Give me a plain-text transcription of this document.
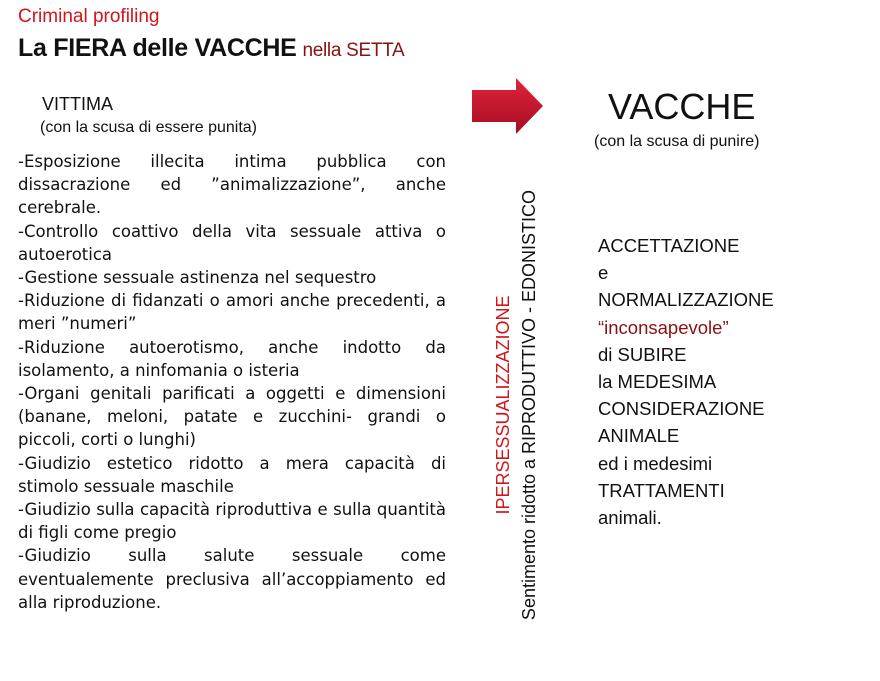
Criminal profiling
La FIERA delle VACCHE nella SETTA
VITTIMA
(con la scusa di essere punita)
-Esposizione illecita intima pubblica con dissacrazione ed ”animalizzazione”, anche cerebrale.
-Controllo coattivo della vita sessuale attiva o autoerotica
-Gestione sessuale astinenza nel sequestro
-Riduzione di fidanzati o amori anche precedenti, a meri ”numeri”
-Riduzione autoerotismo, anche indotto da isolamento, a ninfomania o isteria
-Organi genitali parificati a oggetti e dimensioni (banane, meloni, patate e zucchini- grandi o piccoli, corti o lunghi)
-Giudizio estetico ridotto a mera capacità di stimolo sessuale maschile
-Giudizio sulla capacità riproduttiva e sulla quantità di figli come pregio
-Giudizio sulla salute sessuale come eventualemente preclusiva all’accoppiamento ed alla riproduzione.
IPERSESSUALIZZAZIONE Sentimento ridotto a RIPRODUTTIVO - EDONISTICO
VACCHE
(con la scusa di punire)
ACCETTAZIONE
e
NORMALIZZAZIONE
“inconsapevole”
di SUBIRE
la MEDESIMA
CONSIDERAZIONE
ANIMALE
ed i medesimi
TRATTAMENTI
animali.
